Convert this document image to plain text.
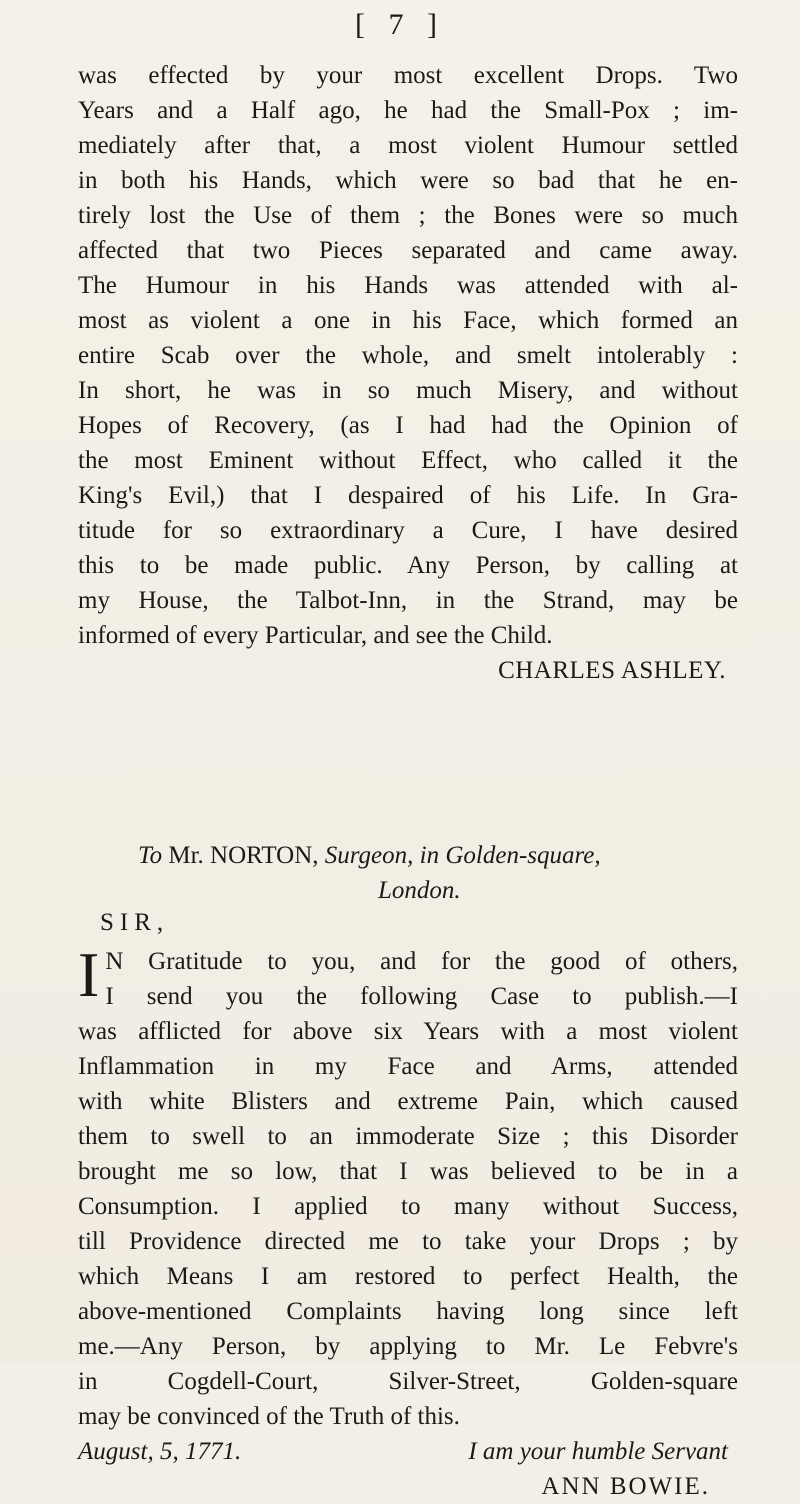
[ 7 ]
was effected by your most excellent Drops. Two
Years and a Half ago, he had the Small-Pox ; im-
mediately after that, a most violent Humour settled
in both his Hands, which were so bad that he en-
tirely lost the Use of them ; the Bones were so much
affected that two Pieces separated and came away.
The Humour in his Hands was attended with al-
most as violent a one in his Face, which formed an
entire Scab over the whole, and smelt intolerably :
In short, he was in so much Misery, and without
Hopes of Recovery, (as I had had the Opinion of
the most Eminent without Effect, who called it the
King's Evil,) that I despaired of his Life. In Gra-
titude for so extraordinary a Cure, I have desired
this to be made public. Any Person, by calling at
my House, the Talbot-Inn, in the Strand, may be
informed of every Particular, and see the Child.
CHARLES ASHLEY.
To Mr. NORTON, Surgeon, in Golden-square,
London.
SIR,
I N Gratitude to you, and for the good of others,
I send you the following Case to publish.—I
was afflicted for above six Years with a most violent
Inflammation in my Face and Arms, attended
with white Blisters and extreme Pain, which caused
them to swell to an immoderate Size ; this Disorder
brought me so low, that I was believed to be in a
Consumption. I applied to many without Success,
till Providence directed me to take your Drops ; by
which Means I am restored to perfect Health, the
above-mentioned Complaints having long since left
me.—Any Person, by applying to Mr. Le Febvre's
in Cogdell-Court, Silver-Street, Golden-square
may be convinced of the Truth of this.
August, 5, 1771.	I am your humble Servant
ANN BOWIE.
